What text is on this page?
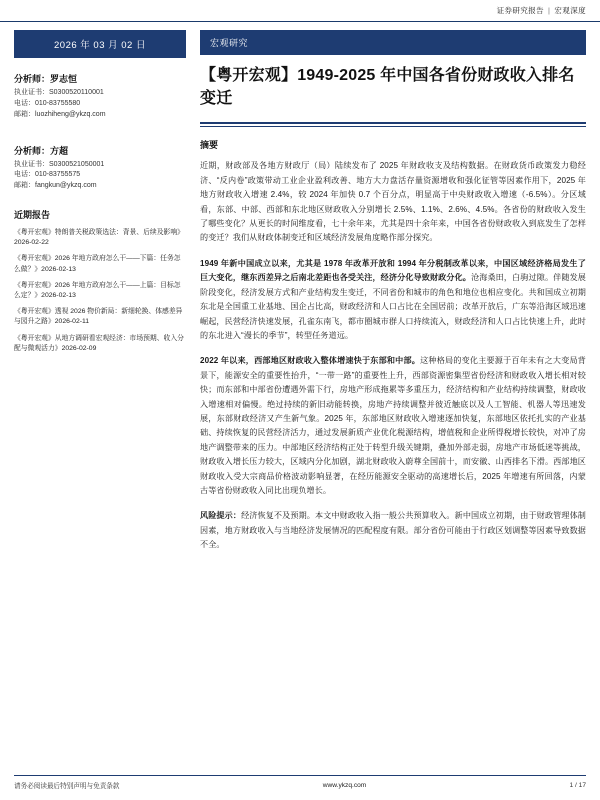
证券研究报告 | 宏观深度
2026 年 03 月 02 日
分析师：罗志恒
执业证书：S0300520110001
电话：010-83755580
邮箱：luozhiheng@ykzq.com
分析师：方超
执业证书：S0300521050001
电话：010-83755575
邮箱：fangkun@ykzq.com
近期报告
《粤开宏观》特朗普关税政策选法：背景、后续及影响》2026-02-22
《粤开宏观》2026 年地方政府怎么干——下篇：任务怎么做？》2026-02-13
《粤开宏观》2026 年地方政府怎么干——上篇：目标怎么定？》2026-02-13
《粤开宏观》透视 2026 物价新局：新细轮换、体感差异与园升之路》2026-02-11
《粤开宏观》从地方调研看宏观经济：市场预期、收入分配与微观活力》2026-02-09
宏观研究
【粤开宏观】1949-2025 年中国各省份财政收入排名变迁
摘要
近期，财政部及各地方财政厅（局）陆续发布了 2025 年财政收支及结构数据。在财政货币政策发力稳经济、“反内卷”政策带动工业企业盈利改善、地方大力盘活存量资源增收和强化征管等因素作用下，2025 年地方财政收入增速 2.4%，较 2024 年加快 0.7 个百分点，明显高于中央财政收入增速（-6.5%）。分区域看，东部、中部、西部和东北地区财政收入分别增长 2.5%、1.1%、2.6%、4.5%。各省份的财政收入发生了哪些变化？从更长的时间维度看，七十余年来，尤其是四十余年来，中国各省份财政收入到底发生了怎样的变迁？我们从财政体制变迁和区域经济发展角度略作部分探究。
1949 年新中国成立以来，尤其是 1978 年改革开放和 1994 年分税制改革以来，中国区域经济格局发生了巨大变化，继东西差异之后南北差距也各受关注，经济分化导致财政分化。沧海桑田，白驹过隙。伴随发展阶段变化，经济发展方式和产业结构发生变迁，不同省份和城市的角色和地位也相应变化。共和国成立初期东北是全国重工业基地、国企占比高，财政经济和人口占比在全国居前；改革开放后，广东等沿海区域迅速崛起，民营经济快速发展，孔雀东南飞，都市圈城市群人口持续流入，财政经济和人口占比快速上升，此时的东北进入“漫长的季节”，转型任务道远。
2022 年以来，西部地区财政收入整体增速快于东部和中部。这种格局的变化主要源于百年未有之大变局背景下，能源安全的重要性抬升，“一带一路”的重要性上升，西部资源密集型省份经济和财政收入增长相对较快；而东部和中部省份遭遇外需下行，房地产形成拖累等多重压力，经济结构和产业结构持续调整，财政收入增速相对偏慢。绝过持续的新旧动能转换，房地产持续调整并彼近触底以及人工智能、机器人等迅速发展，东部财政经济又产生新气象。2025 年，东部地区财政收入增速逐加快复，东部地区依托扎实的产业基础、持续恢复的民营经济活力，通过发展新质产业优化税源结构，增值税和企业所得税增长较快，对冲了房地产调整带来的压力。中部地区经济结构正处于转型升级关键期，叠加外部走弱，房地产市场低迷等挑战，财政收入增长压力较大，区域内分化加剧，湖北财政收入蔚尊全国前十，而安徽、山西排名下滑。西部地区财政收入受大宗商品价格波动影响显著，在经历能源安全驱动的高速增长后，2025 年增速有所回落，内蒙古等省份财政收入同比出现负增长。
风险提示：经济恢复不及预期。本文中财政收入指一般公共预算收入。新中国成立初期，由于财政管理体制因素，地方财政收入与当地经济发展情况的匹配程度有限。部分省份可能由于行政区划调整等因素导致数据不全。
请务必阅读最后特别声明与免责条款	www.ykzq.com	1 / 17
